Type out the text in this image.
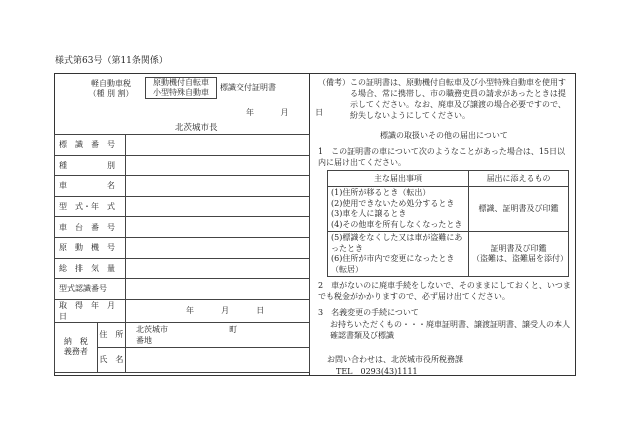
様式第63号（第11条関係）
軽自動車税
（種 別 割）
原動機付自転車
小型特殊自動車
標識交付証明書
年	月	日
北茨城市長
標　識　番　号		
種　　　　　別		
車　　　　　名		
型　式・年　式		
車　台　番　号		
原　動　機　号		
総　排　気　量		
型式認識番号		
取　得　年　月　日		年 月 日

納　税
義務者	住　所	北茨城市 町  番地
	氏　名	
（備考） この証明書は、原動機付自転車及び小型特殊自動車を使用する場合、常に携帯し、市の職務吏員の請求があったときは提示してください。なお、廃車及び譲渡の場合必要ですので、紛失しないようにしてください。
標識の取扱いその他の届出について
1　この証明書の車について次のようなことがあった場合は、15日以内に届け出てください。
主な届出事項	届出に添えるもの
(1)住所が移るとき（転出）
(2)使用できないため処分するとき
(3)車を人に譲るとき
(4)その他車を所有しなくなったとき	標識、証明書及び印鑑
(5)標識をなくした又は車が盗難にあったとき
(6)住所が市内で変更になったとき（転居）	証明書及び印鑑
（盗難は、盗難届を添付）
2　車がないのに廃車手続をしないで、そのままにしておくと、いつまでも税金がかかりますので、必ず届け出てください。
3　名義変更の手続について
お持ちいただくもの・・・廃車証明書、譲渡証明書、譲受人の本人確認書類及び標識
お問い合わせは、北茨城市役所税務課
TEL　0293(43)1111
